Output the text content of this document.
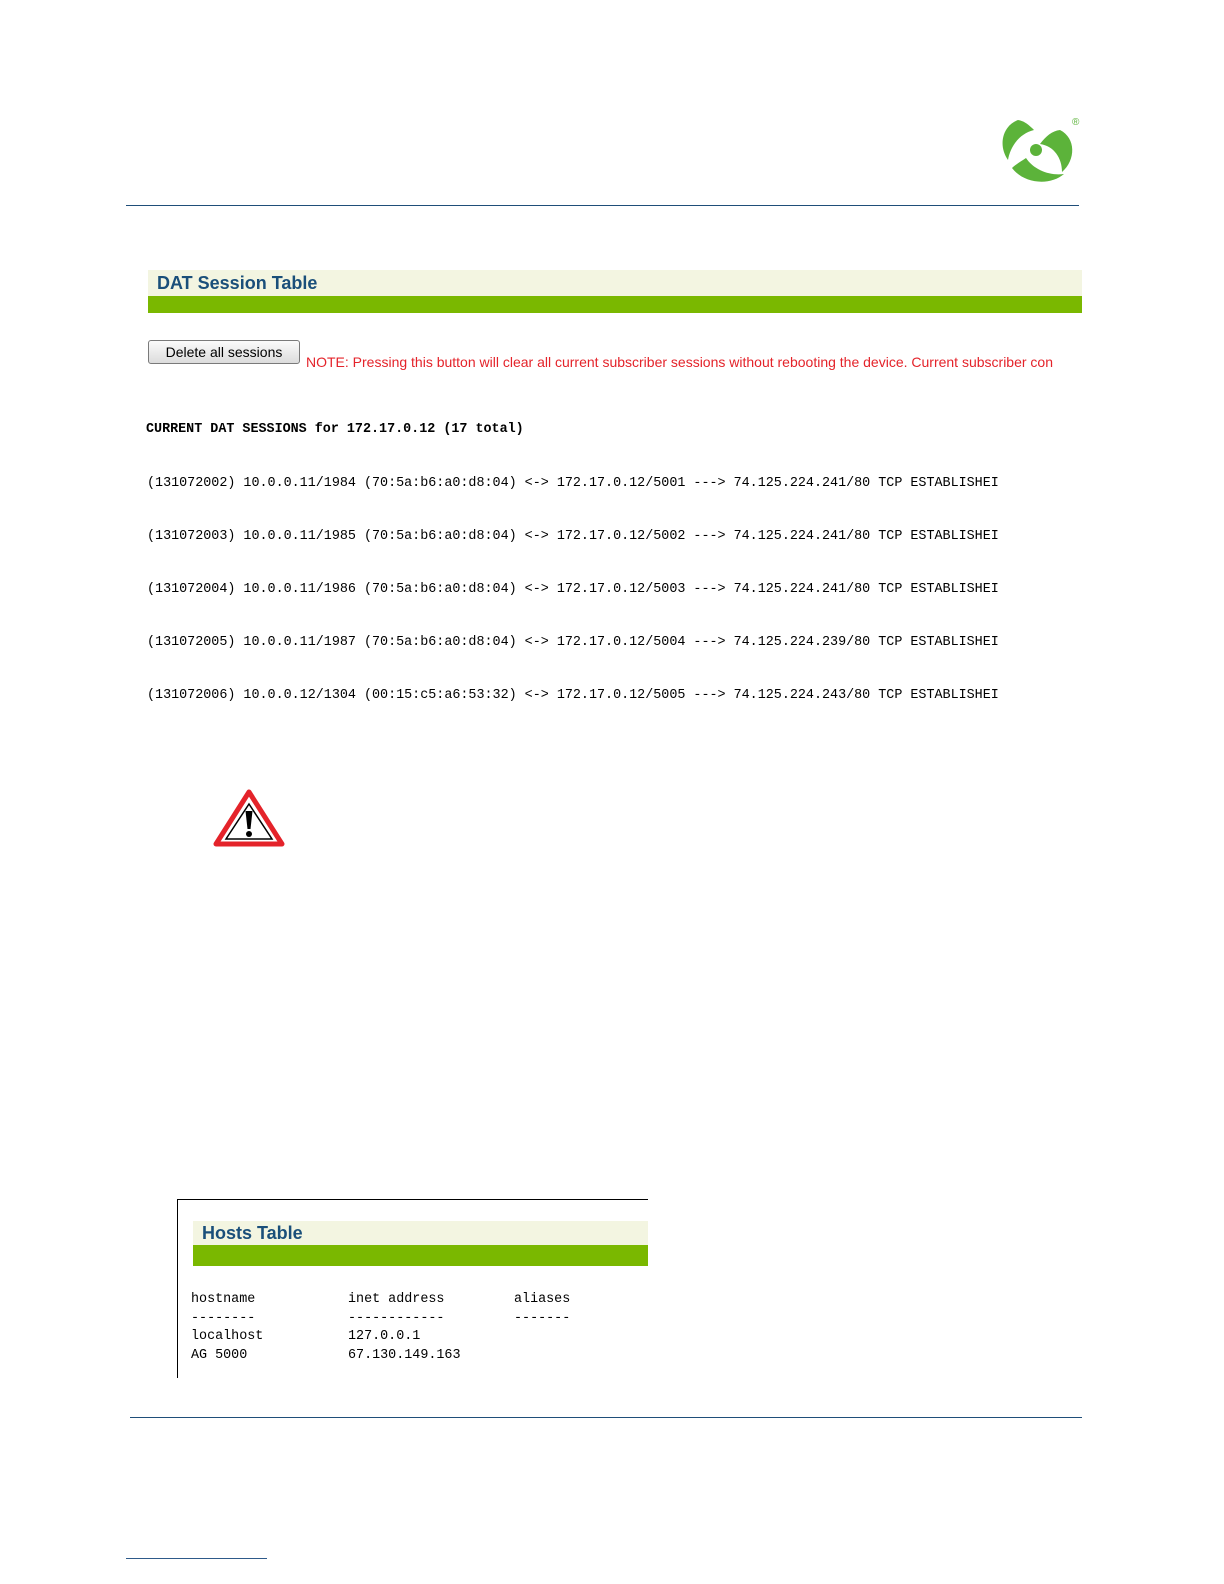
®
DAT Session Table
Delete all sessions
NOTE: Pressing this button will clear all current subscriber sessions without rebooting the device. Current subscriber con

CURRENT DAT SESSIONS for 172.17.0.12 (17 total)

(131072002) 10.0.0.11/1984 (70:5a:b6:a0:d8:04) <-> 172.17.0.12/5001 ---> 74.125.224.241/80 TCP ESTABLISHEI

(131072003) 10.0.0.11/1985 (70:5a:b6:a0:d8:04) <-> 172.17.0.12/5002 ---> 74.125.224.241/80 TCP ESTABLISHEI

(131072004) 10.0.0.11/1986 (70:5a:b6:a0:d8:04) <-> 172.17.0.12/5003 ---> 74.125.224.241/80 TCP ESTABLISHEI

(131072005) 10.0.0.11/1987 (70:5a:b6:a0:d8:04) <-> 172.17.0.12/5004 ---> 74.125.224.239/80 TCP ESTABLISHEI

(131072006) 10.0.0.12/1304 (00:15:c5:a6:53:32) <-> 172.17.0.12/5005 ---> 74.125.224.243/80 TCP ESTABLISHEI

Hosts Table
hostname	inet address	aliases
--------	------------	-------
localhost	127.0.0.1	
AG 5000	67.130.149.163	
